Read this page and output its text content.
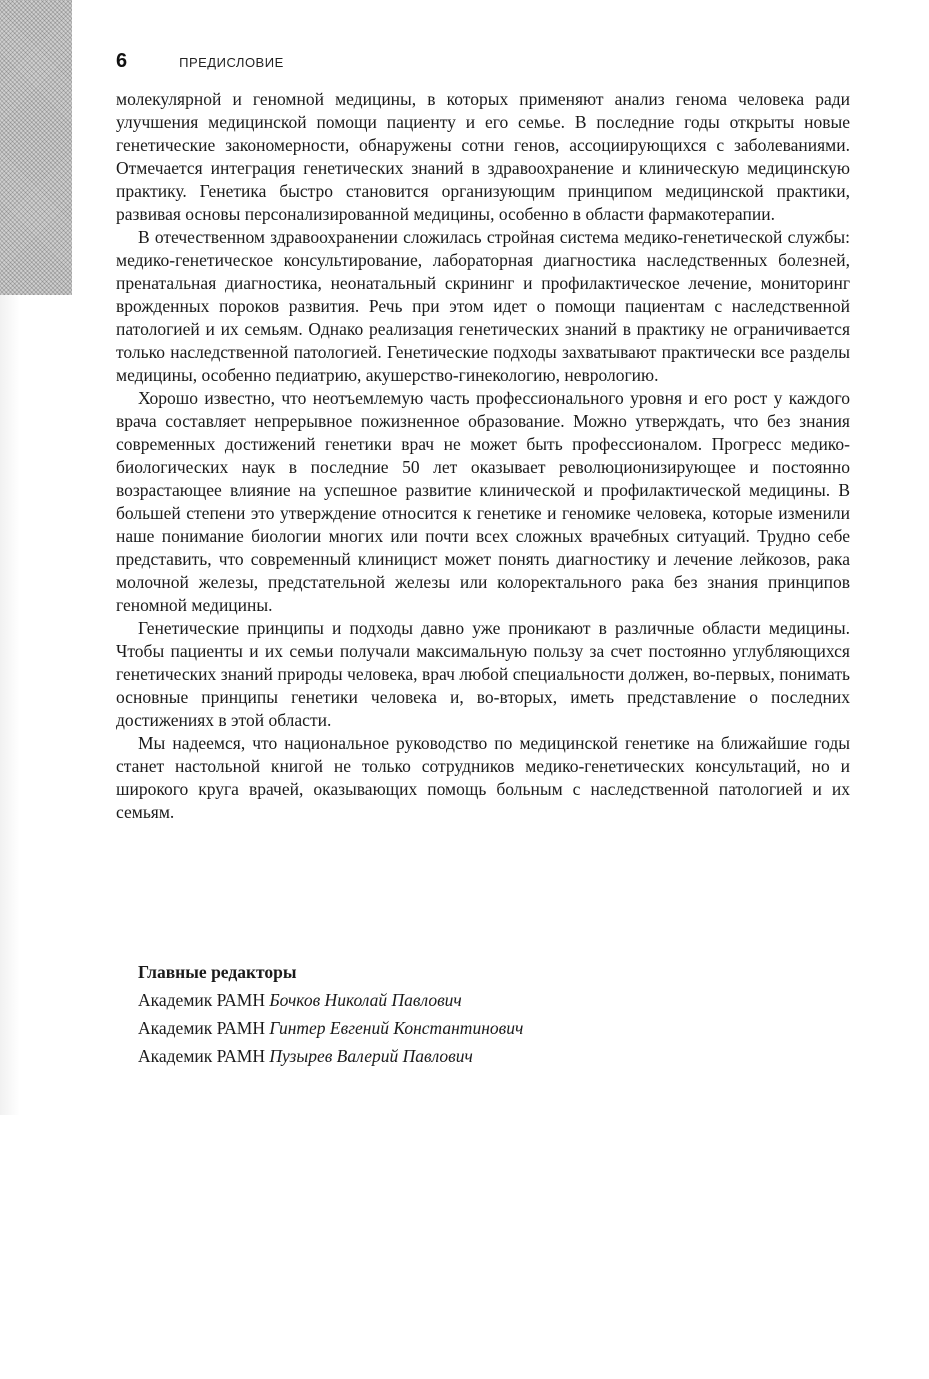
6	ПРЕДИСЛОВИЕ

молекулярной и геномной медицины, в которых применяют анализ генома человека ради улучшения медицинской помощи пациенту и его семье. В последние годы открыты новые генетические закономерности, обнаружены сотни генов, ассоциирующихся с заболеваниями. Отмечается интеграция генетических знаний в здравоохранение и клиническую медицинскую практику. Генетика быстро становится организующим принципом медицинской практики, развивая основы персонализированной медицины, особенно в области фармакотерапии.

В отечественном здравоохранении сложилась стройная система медико-генетической службы: медико-генетическое консультирование, лабораторная диагностика наследственных болезней, пренатальная диагностика, неонатальный скрининг и профилактическое лечение, мониторинг врожденных пороков развития. Речь при этом идет о помощи пациентам с наследственной патологией и их семьям. Однако реализация генетических знаний в практику не ограничивается только наследственной патологией. Генетические подходы захватывают практически все разделы медицины, особенно педиатрию, акушерство-гинекологию, неврологию.

Хорошо известно, что неотъемлемую часть профессионального уровня и его рост у каждого врача составляет непрерывное пожизненное образование. Можно утверждать, что без знания современных достижений генетики врач не может быть профессионалом. Прогресс медико-биологических наук в последние 50 лет оказывает революционизирующее и постоянно возрастающее влияние на успешное развитие клинической и профилактической медицины. В большей степени это утверждение относится к генетике и геномике человека, которые изменили наше понимание биологии многих или почти всех сложных врачебных ситуаций. Трудно себе представить, что современный клиницист может понять диагностику и лечение лейкозов, рака молочной железы, предстательной железы или колоректального рака без знания принципов геномной медицины.

Генетические принципы и подходы давно уже проникают в различные области медицины. Чтобы пациенты и их семьи получали максимальную пользу за счет постоянно углубляющихся генетических знаний природы человека, врач любой специальности должен, во-первых, понимать основные принципы генетики человека и, во-вторых, иметь представление о последних достижениях в этой области.

Мы надеемся, что национальное руководство по медицинской генетике на ближайшие годы станет настольной книгой не только сотрудников медико-генетических консультаций, но и широкого круга врачей, оказывающих помощь больным с наследственной патологией и их семьям.

Главные редакторы
Академик РАМН Бочков Николай Павлович
Академик РАМН Гинтер Евгений Константинович
Академик РАМН Пузырев Валерий Павлович
